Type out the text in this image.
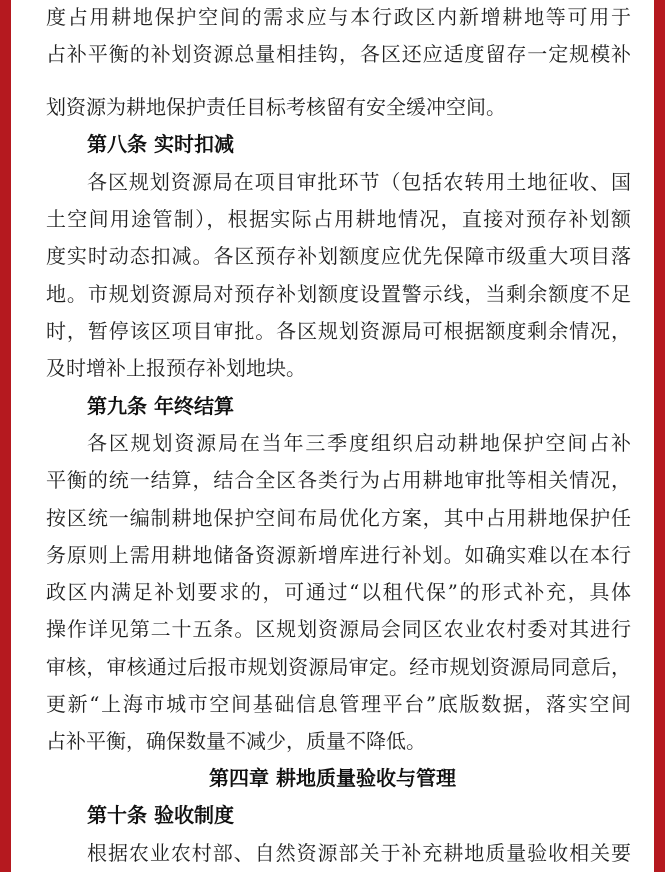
度占用耕地保护空间的需求应与本行政区内新增耕地等可用于
占补平衡的补划资源总量相挂钩，各区还应适度留存一定规模补
划资源为耕地保护责任目标考核留有安全缓冲空间。
第八条 实时扣减
各区规划资源局在项目审批环节（包括农转用土地征收、国
土空间用途管制），根据实际占用耕地情况，直接对预存补划额
度实时动态扣减。各区预存补划额度应优先保障市级重大项目落
地。市规划资源局对预存补划额度设置警示线，当剩余额度不足
时，暂停该区项目审批。各区规划资源局可根据额度剩余情况，
及时增补上报预存补划地块。
第九条 年终结算
各区规划资源局在当年三季度组织启动耕地保护空间占补
平衡的统一结算，结合全区各类行为占用耕地审批等相关情况，
按区统一编制耕地保护空间布局优化方案，其中占用耕地保护任
务原则上需用耕地储备资源新增库进行补划。如确实难以在本行
政区内满足补划要求的，可通过“以租代保”的形式补充，具体
操作详见第二十五条。区规划资源局会同区农业农村委对其进行
审核，审核通过后报市规划资源局审定。经市规划资源局同意后，
更新“上海市城市空间基础信息管理平台”底版数据，落实空间
占补平衡，确保数量不减少，质量不降低。
第四章 耕地质量验收与管理
第十条 验收制度
根据农业农村部、自然资源部关于补充耕地质量验收相关要
